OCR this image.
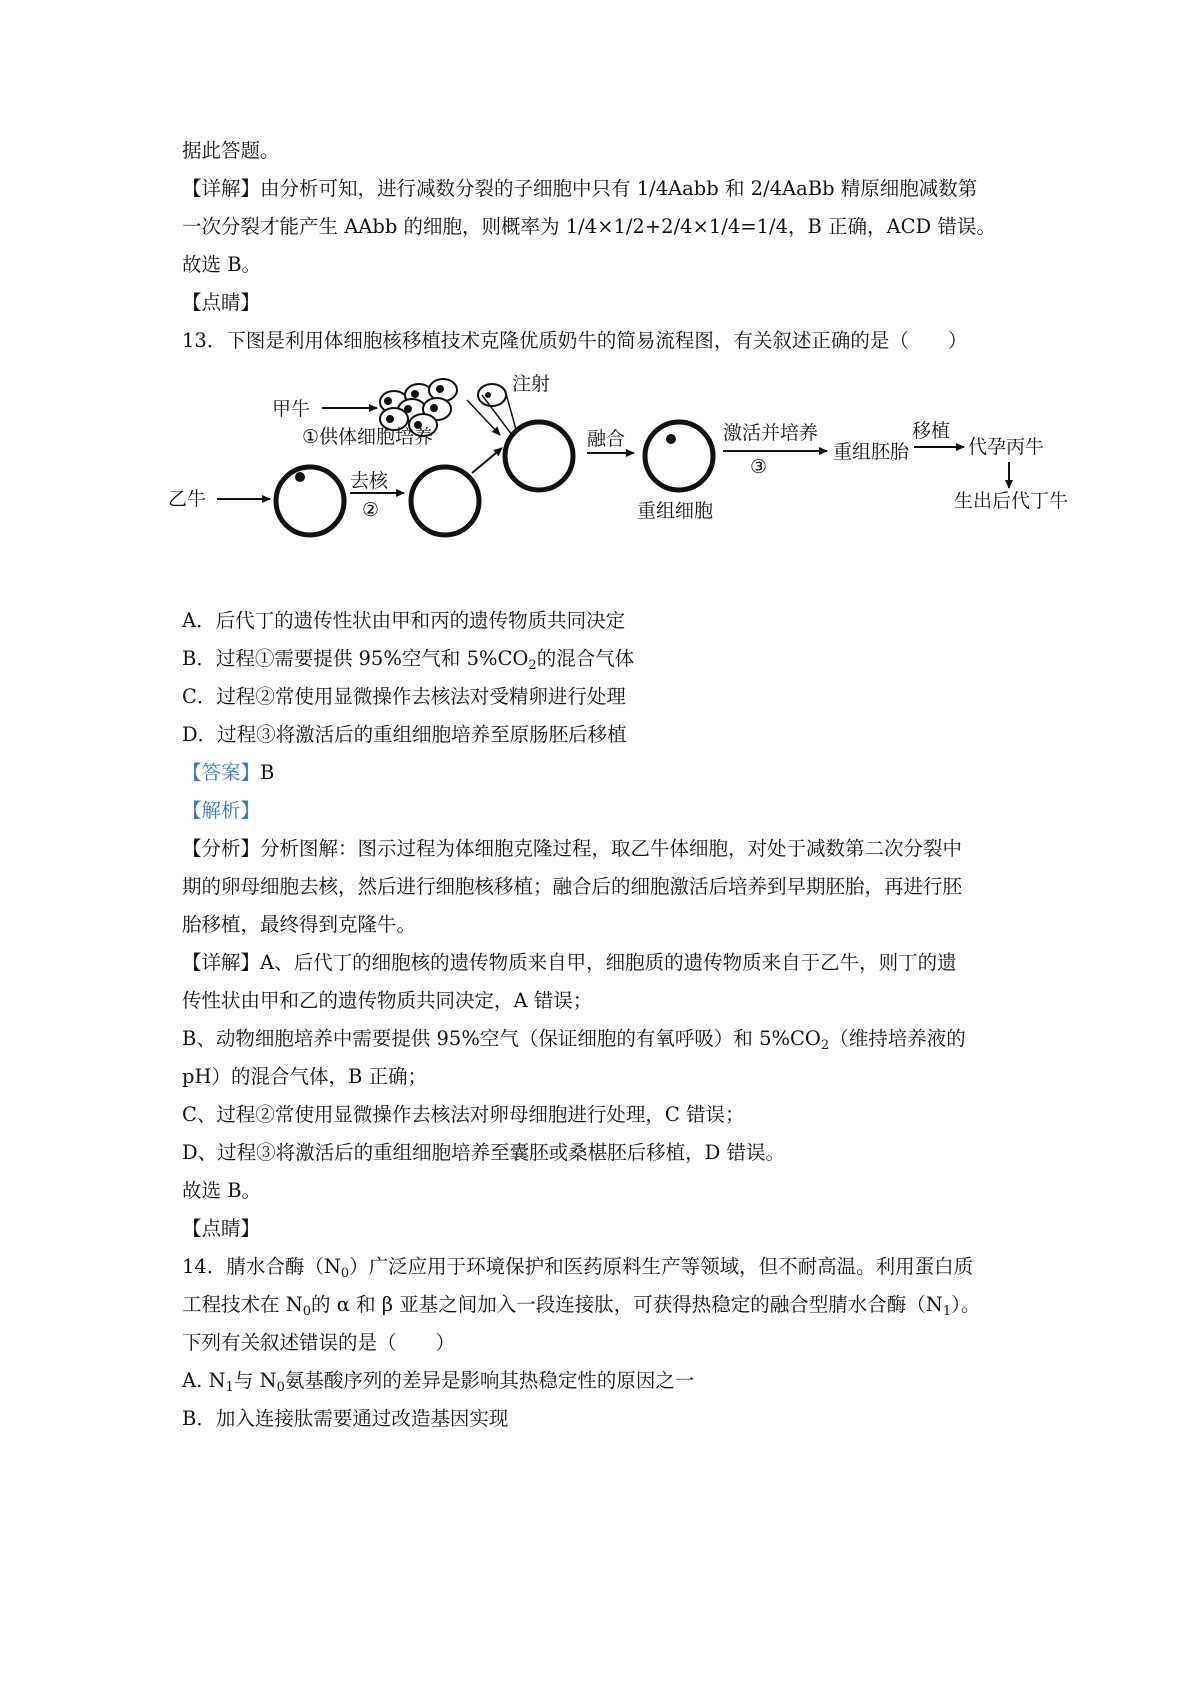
据此答题。
【详解】由分析可知，进行减数分裂的子细胞中只有 1/4Aabb 和 2/4AaBb 精原细胞减数第
一次分裂才能产生 AAbb 的细胞，则概率为 1/4×1/2+2/4×1/4=1/4，B 正确，ACD 错误。
故选 B。
【点睛】
13．下图是利用体细胞核移植技术克隆优质奶牛的简易流程图，有关叙述正确的是（　　）
甲牛
①供体细胞培养
注射
乙牛
去核
②
融合
重组细胞
激活并培养
③
重组胚胎
移植
代孕丙牛
生出后代丁牛
A．后代丁的遗传性状由甲和丙的遗传物质共同决定
B．过程①需要提供 95%空气和 $5\%CO_2$的混合气体
C．过程②常使用显微操作去核法对受精卵进行处理
D．过程③将激活后的重组细胞培养至原肠胚后移植
【答案】B
【解析】
【分析】分析图解：图示过程为体细胞克隆过程，取乙牛体细胞，对处于减数第二次分裂中
期的卵母细胞去核，然后进行细胞核移植；融合后的细胞激活后培养到早期胚胎，再进行胚
胎移植，最终得到克隆牛。
【详解】A、后代丁的细胞核的遗传物质来自甲，细胞质的遗传物质来自于乙牛，则丁的遗
传性状由甲和乙的遗传物质共同决定，A 错误；
B、动物细胞培养中需要提供 95%空气（保证细胞的有氧呼吸）和 $5\%CO_2$（维持培养液的
pH）的混合气体，B 正确；
C、过程②常使用显微操作去核法对卵母细胞进行处理，C 错误；
D、过程③将激活后的重组细胞培养至囊胚或桑椹胚后移植，D 错误。
故选 B。
【点睛】
14．腈水合酶$(N_0)$广泛应用于环境保护和医药原料生产等领域，但不耐高温。利用蛋白质
工程技术在 $N_0$的 α 和 β 亚基之间加入一段连接肽，可获得热稳定的融合型腈水合酶$(N_1)$。
下列有关叙述错误的是（　　）
A. $N_1$与 $N_0$氨基酸序列的差异是影响其热稳定性的原因之一
B．加入连接肽需要通过改造基因实现
